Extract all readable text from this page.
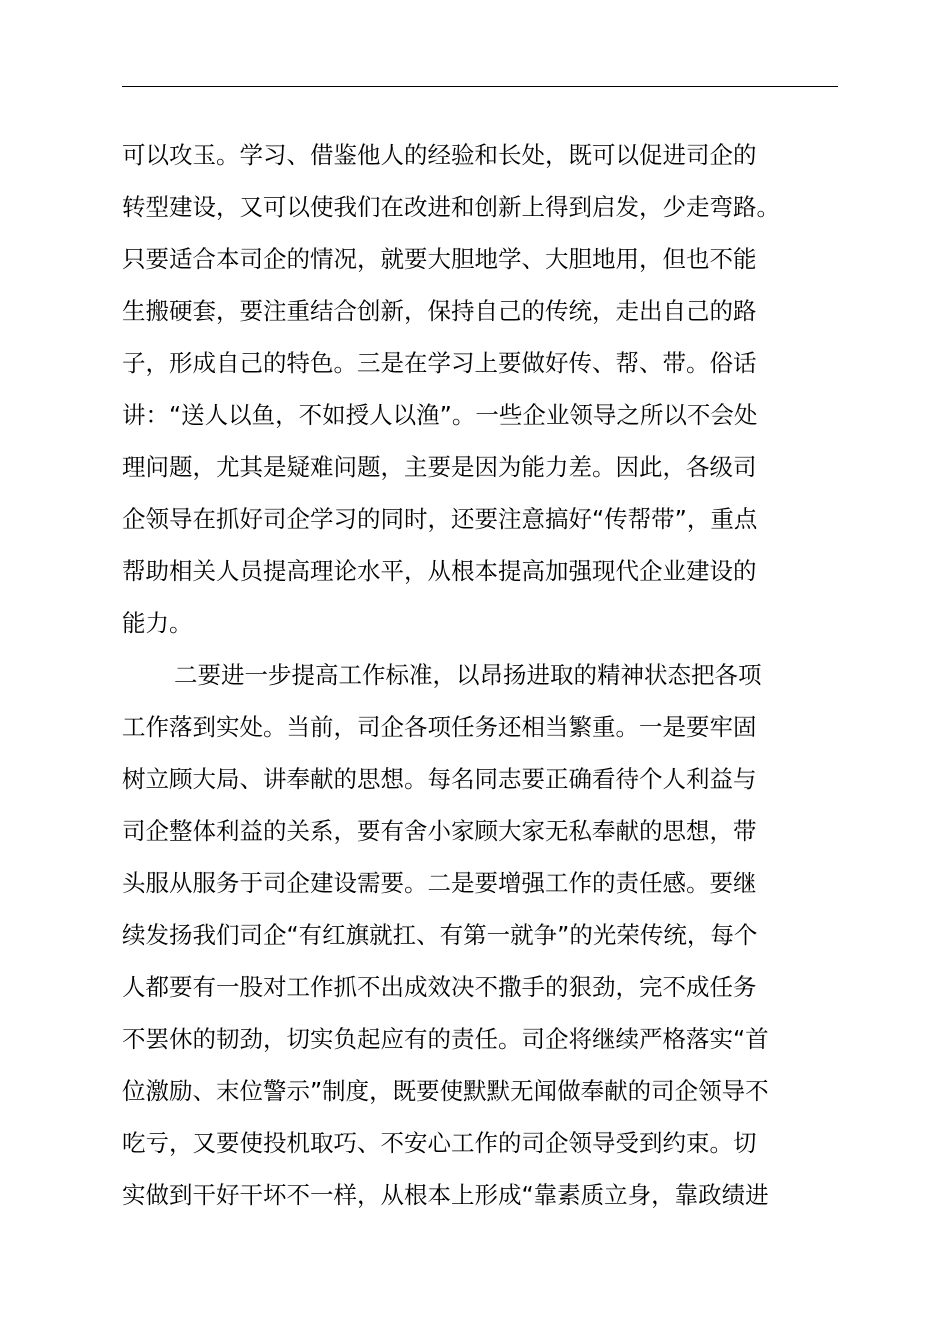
可以攻玉。学习、借鉴他人的经验和长处，既可以促进司企的
转型建设，又可以使我们在改进和创新上得到启发，少走弯路。
只要适合本司企的情况，就要大胆地学、大胆地用，但也不能
生搬硬套，要注重结合创新，保持自己的传统，走出自己的路
子，形成自己的特色。三是在学习上要做好传、帮、带。俗话
讲：“送人以鱼，不如授人以渔”。一些企业领导之所以不会处
理问题，尤其是疑难问题，主要是因为能力差。因此，各级司
企领导在抓好司企学习的同时，还要注意搞好“传帮带”，重点
帮助相关人员提高理论水平，从根本提高加强现代企业建设的
能力。
二要进一步提高工作标准，以昂扬进取的精神状态把各项
工作落到实处。当前，司企各项任务还相当繁重。一是要牢固
树立顾大局、讲奉献的思想。每名同志要正确看待个人利益与
司企整体利益的关系，要有舍小家顾大家无私奉献的思想，带
头服从服务于司企建设需要。二是要增强工作的责任感。要继
续发扬我们司企“有红旗就扛、有第一就争”的光荣传统，每个
人都要有一股对工作抓不出成效决不撒手的狠劲，完不成任务
不罢休的韧劲，切实负起应有的责任。司企将继续严格落实“首
位激励、末位警示”制度，既要使默默无闻做奉献的司企领导不
吃亏，又要使投机取巧、不安心工作的司企领导受到约束。切
实做到干好干坏不一样，从根本上形成“靠素质立身，靠政绩进
